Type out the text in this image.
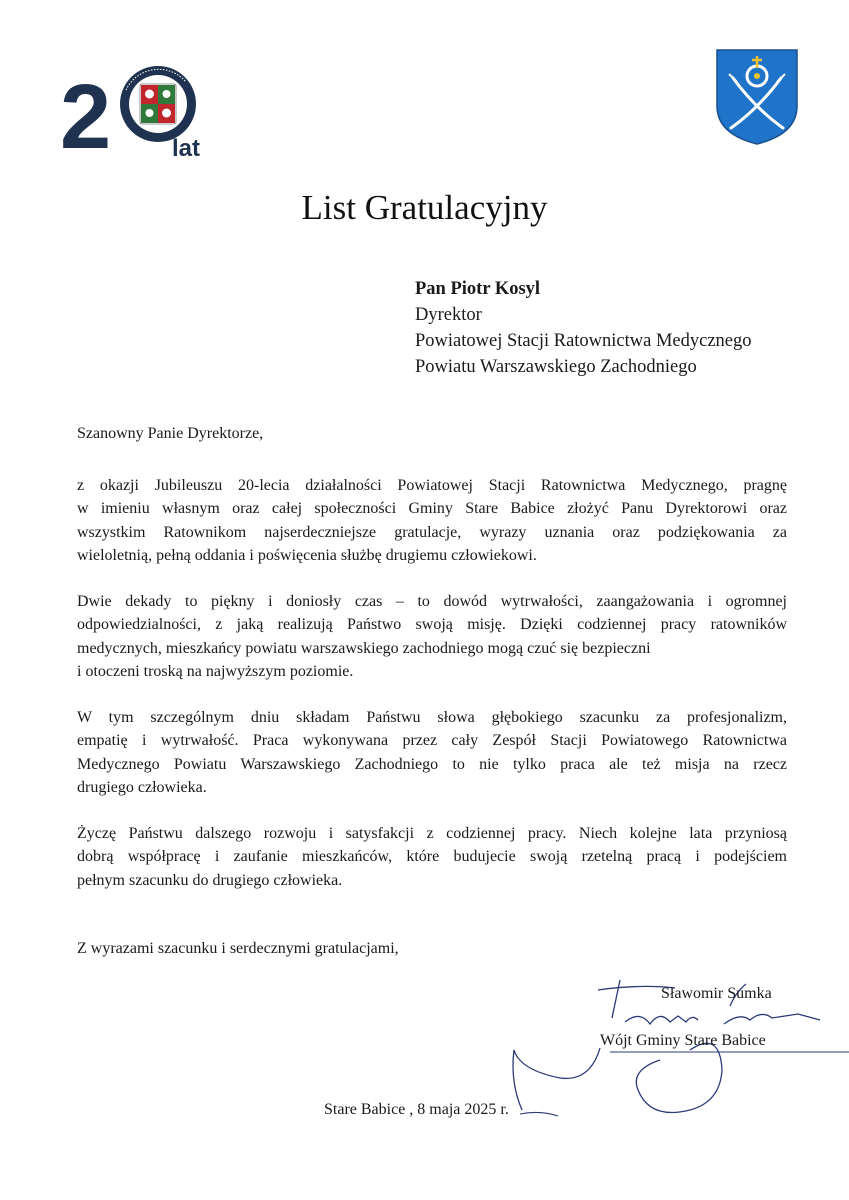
2	lat
List Gratulacyjny
Pan Piotr Kosyl
Dyrektor
Powiatowej Stacji Ratownictwa Medycznego
Powiatu Warszawskiego Zachodniego
Szanowny Panie Dyrektorze,
z okazji Jubileuszu 20-lecia działalności Powiatowej Stacji Ratownictwa Medycznego, pragnę
w imieniu własnym oraz całej społeczności Gminy Stare Babice złożyć Panu Dyrektorowi oraz
wszystkim Ratownikom najserdeczniejsze gratulacje, wyrazy uznania oraz podziękowania za
wieloletnią, pełną oddania i poświęcenia służbę drugiemu człowiekowi.
Dwie dekady to piękny i doniosły czas – to dowód wytrwałości, zaangażowania i ogromnej
odpowiedzialności, z jaką realizują Państwo swoją misję. Dzięki codziennej pracy ratowników
medycznych, mieszkańcy powiatu warszawskiego zachodniego mogą czuć się bezpieczni
i otoczeni troską na najwyższym poziomie.
W tym szczególnym dniu składam Państwu słowa głębokiego szacunku za profesjonalizm,
empatię i wytrwałość. Praca wykonywana przez cały Zespół Stacji Powiatowego Ratownictwa
Medycznego Powiatu Warszawskiego Zachodniego to nie tylko praca ale też misja na rzecz
drugiego człowieka.
Życzę Państwu dalszego rozwoju i satysfakcji z codziennej pracy. Niech kolejne lata przyniosą
dobrą współpracę i zaufanie mieszkańców, które budujecie swoją rzetelną pracą i podejściem
pełnym szacunku do drugiego człowieka.
Z wyrazami szacunku i serdecznymi gratulacjami,
Sławomir Sumka
Wójt Gminy Stare Babice
Stare Babice , 8 maja 2025 r.
